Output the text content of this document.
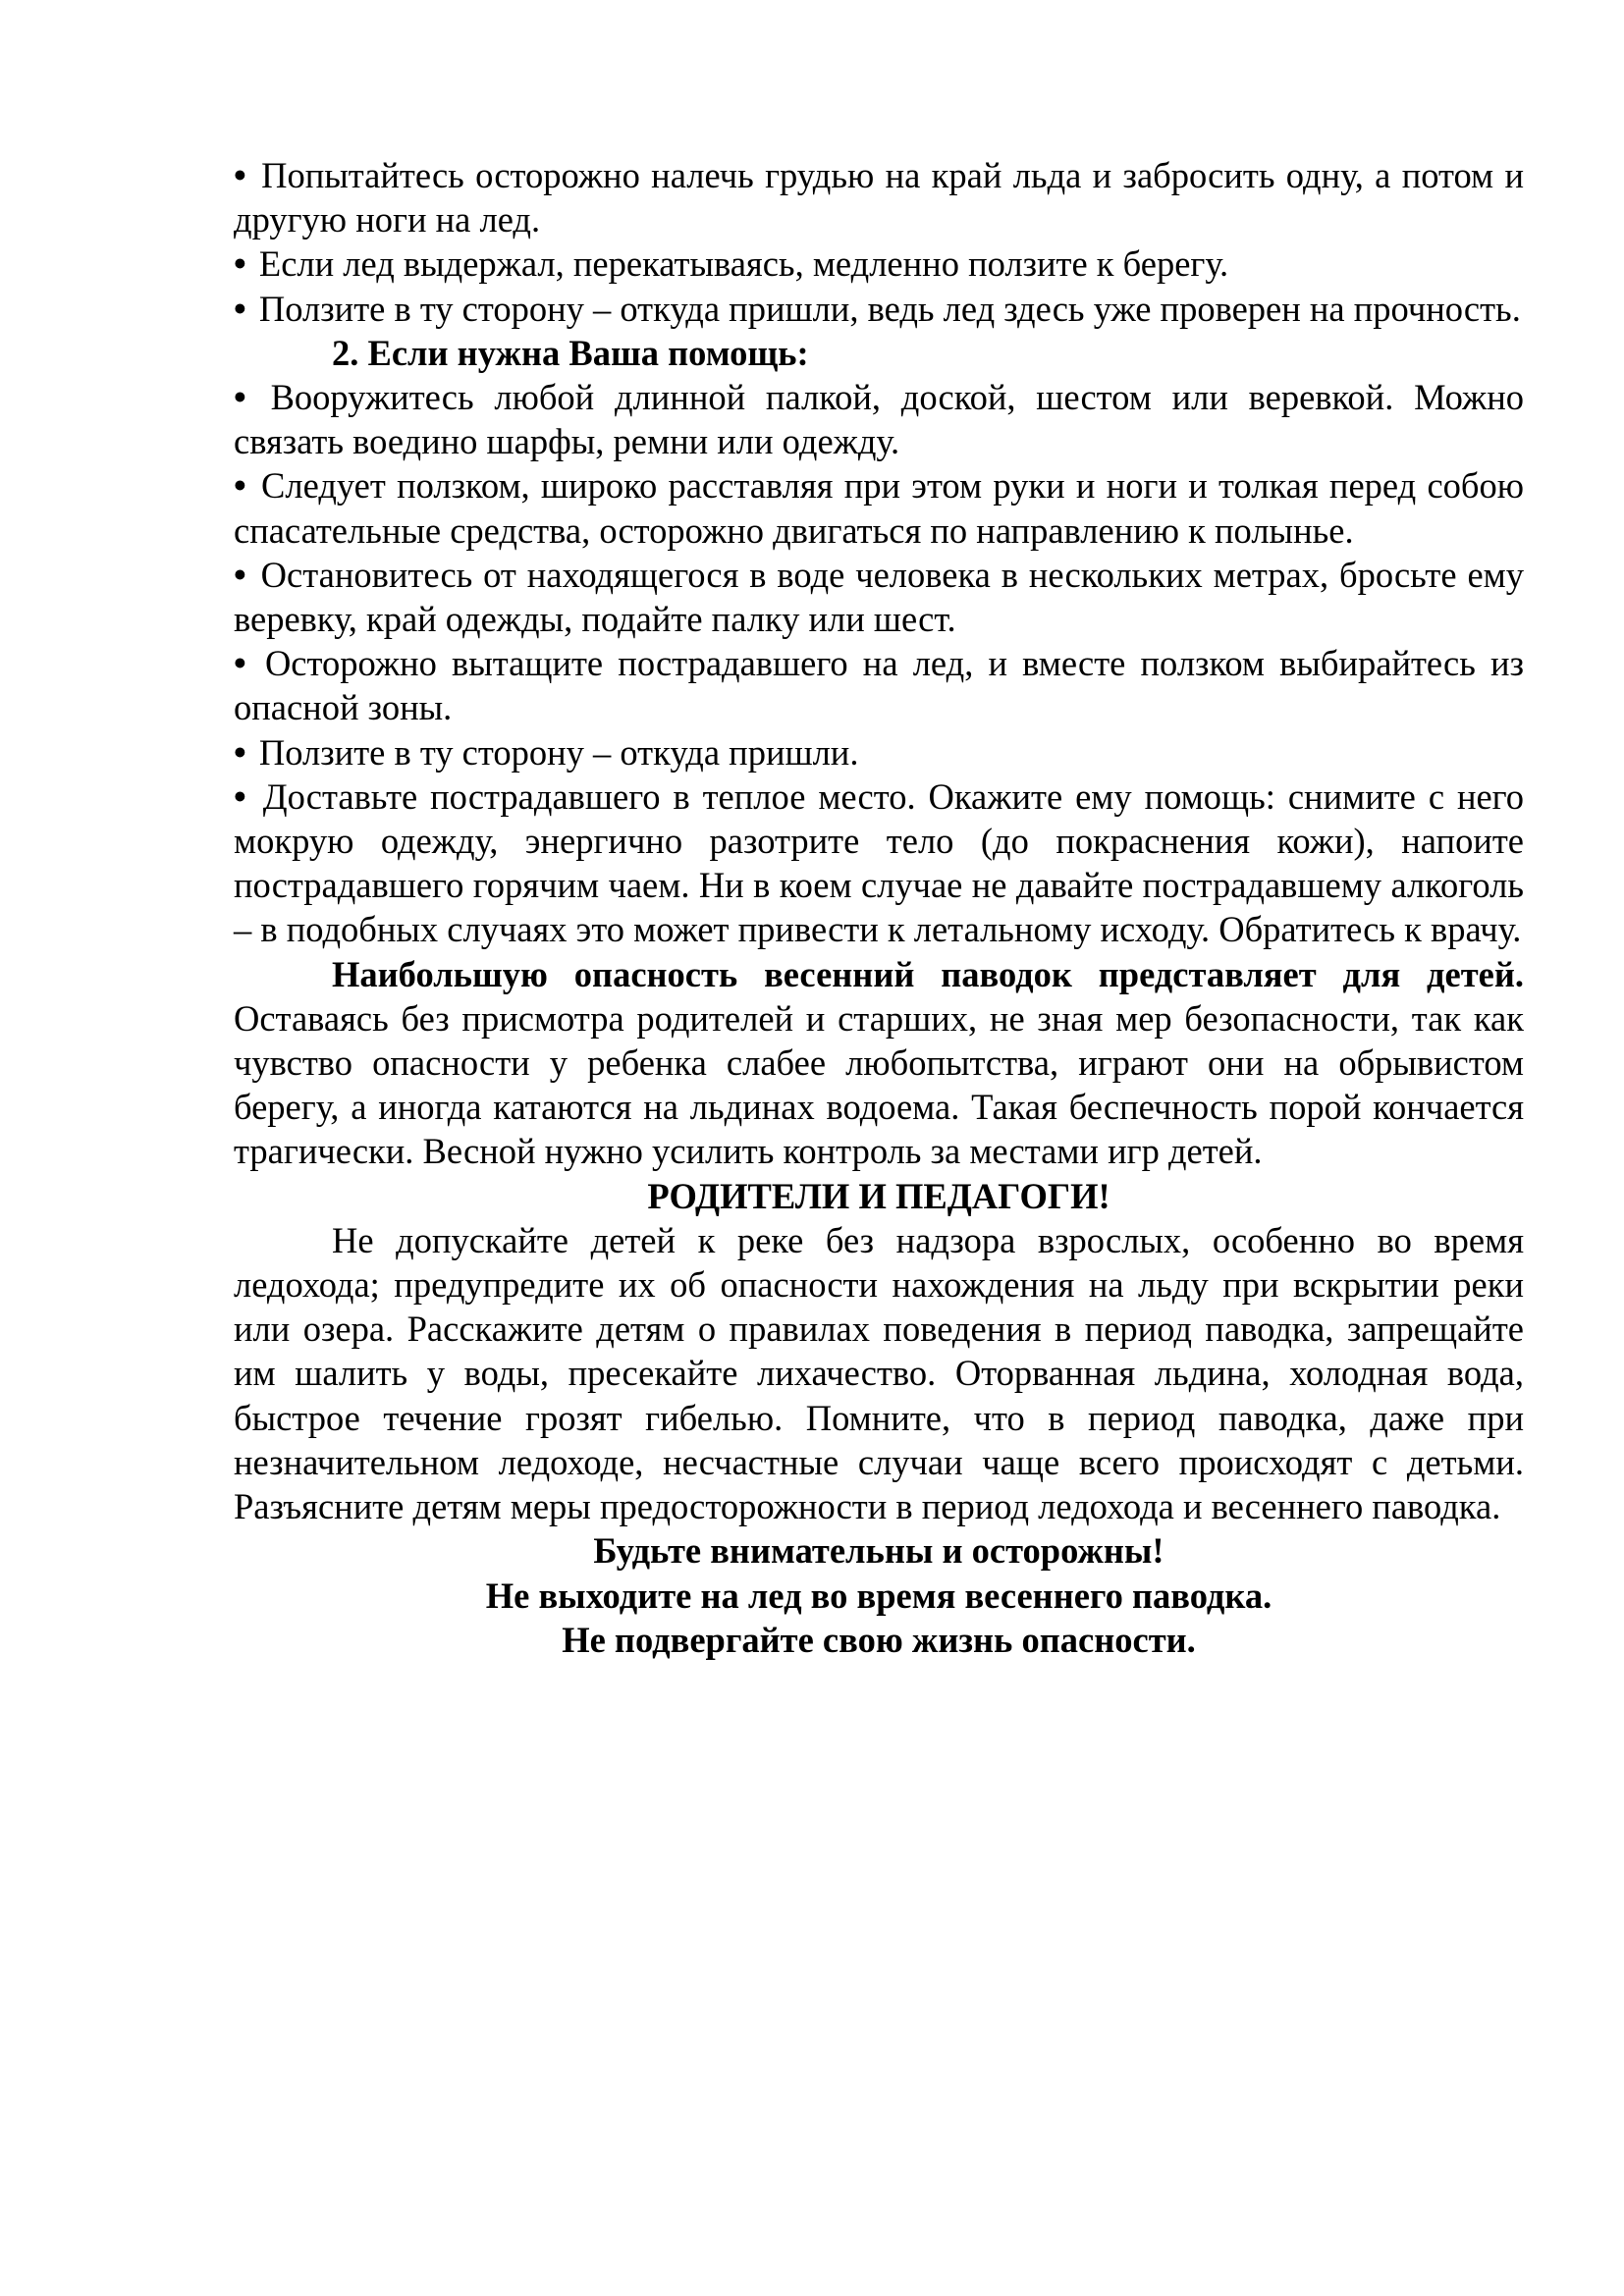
• Попытайтесь осторожно налечь грудью на край льда и забросить одну, а потом и другую ноги на лед.

• Если лед выдержал, перекатываясь, медленно ползите к берегу.

• Ползите в ту сторону – откуда пришли, ведь лед здесь уже проверен на прочность.

2. Если нужна Ваша помощь:

• Вооружитесь любой длинной палкой, доской, шестом или веревкой. Можно связать воедино шарфы, ремни или одежду.

• Следует ползком, широко расставляя при этом руки и ноги и толкая перед собою спасательные средства, осторожно двигаться по направлению к полынье.

• Остановитесь от находящегося в воде человека в нескольких метрах, бросьте ему веревку, край одежды, подайте палку или шест.

• Осторожно вытащите пострадавшего на лед, и вместе ползком выбирайтесь из опасной зоны.

• Ползите в ту сторону – откуда пришли.

• Доставьте пострадавшего в теплое место. Окажите ему помощь: снимите с него мокрую одежду, энергично разотрите тело (до покраснения кожи), напоите пострадавшего горячим чаем. Ни в коем случае не давайте пострадавшему алкоголь – в подобных случаях это может привести к летальному исходу. Обратитесь к врачу.

Наибольшую опасность весенний паводок представляет для детей. Оставаясь без присмотра родителей и старших, не зная мер безопасности, так как чувство опасности у ребенка слабее любопытства, играют они на обрывистом берегу, а иногда катаются на льдинах водоема. Такая беспечность порой кончается трагически. Весной нужно усилить контроль за местами игр детей.

РОДИТЕЛИ И ПЕДАГОГИ!

Не допускайте детей к реке без надзора взрослых, особенно во время ледохода; предупредите их об опасности нахождения на льду при вскрытии реки или озера. Расскажите детям о правилах поведения в период паводка, запрещайте им шалить у воды, пресекайте лихачество. Оторванная льдина, холодная вода, быстрое течение грозят гибелью. Помните, что в период паводка, даже при незначительном ледоходе, несчастные случаи чаще всего происходят с детьми. Разъясните детям меры предосторожности в период ледохода и весеннего паводка.

Будьте внимательны и осторожны!

Не выходите на лед во время весеннего паводка.

Не подвергайте свою жизнь опасности.
